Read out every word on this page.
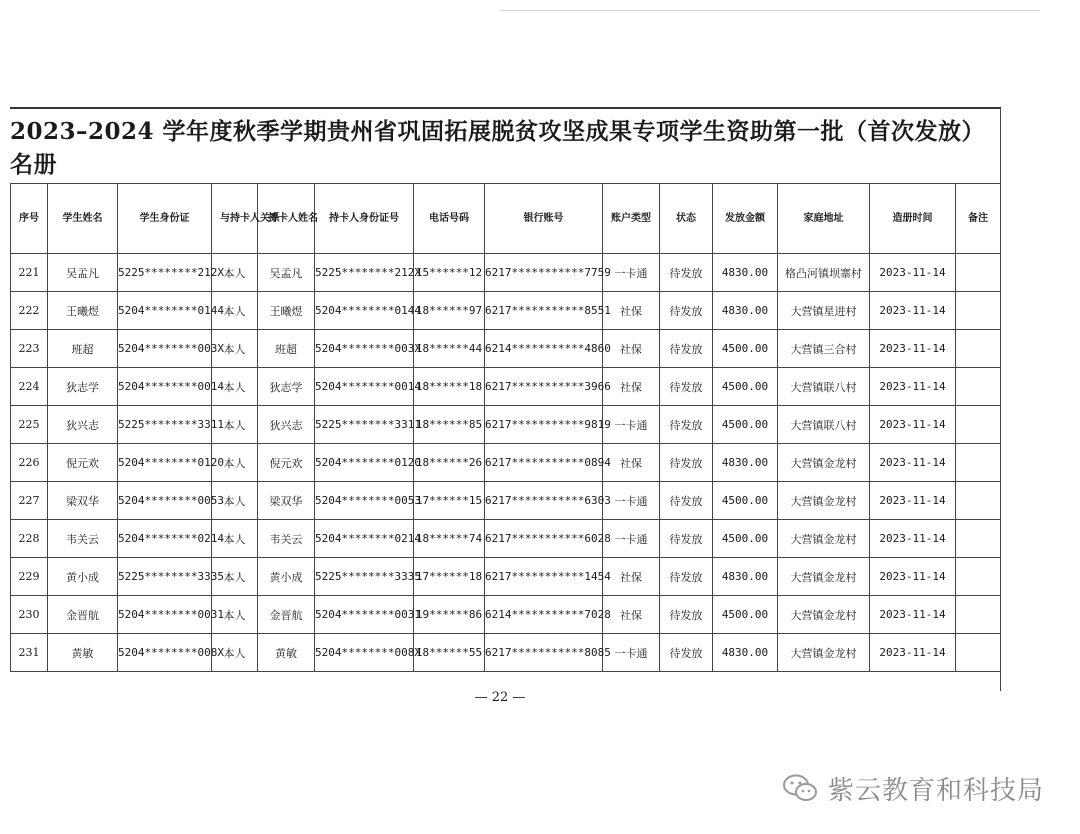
2023–2024 学年度秋季学期贵州省巩固拓展脱贫攻坚成果专项学生资助第一批（首次发放）名册
序号	学生姓名	学生身份证	与持卡人关系	持卡人姓名	持卡人身份证号	电话号码	银行账号	账户类型	状态	发放金额	家庭地址	造册时间	备注
221	吴孟凡	5225********212X	本人	吴孟凡	5225********212X	15******12	6217***********7759	一卡通	待发放	4830.00	格凸河镇坝寨村	2023-11-14	
222	王曦煜	5204********0144	本人	王曦煜	5204********0144	18******97	6217***********8551	社保	待发放	4830.00	大营镇星进村	2023-11-14	
223	班超	5204********003X	本人	班超	5204********003X	18******44	6214***********4860	社保	待发放	4500.00	大营镇三合村	2023-11-14	
224	狄志学	5204********0014	本人	狄志学	5204********0014	18******18	6217***********3966	社保	待发放	4500.00	大营镇联八村	2023-11-14	
225	狄兴志	5225********3311	本人	狄兴志	5225********3311	18******85	6217***********9819	一卡通	待发放	4500.00	大营镇联八村	2023-11-14	
226	倪元欢	5204********0120	本人	倪元欢	5204********0120	18******26	6217***********0894	社保	待发放	4830.00	大营镇金龙村	2023-11-14	
227	梁双华	5204********0053	本人	梁双华	5204********0053	17******15	6217***********6303	一卡通	待发放	4500.00	大营镇金龙村	2023-11-14	
228	韦关云	5204********0214	本人	韦关云	5204********0214	18******74	6217***********6028	一卡通	待发放	4500.00	大营镇金龙村	2023-11-14	
229	黄小成	5225********3335	本人	黄小成	5225********3335	17******18	6217***********1454	社保	待发放	4830.00	大营镇金龙村	2023-11-14	
230	金晋航	5204********0031	本人	金晋航	5204********0031	19******86	6214***********7028	社保	待发放	4500.00	大营镇金龙村	2023-11-14	
231	黄敏	5204********008X	本人	黄敏	5204********008X	18******55	6217***********8085	一卡通	待发放	4830.00	大营镇金龙村	2023-11-14	
— 22 —
紫云教育和科技局
